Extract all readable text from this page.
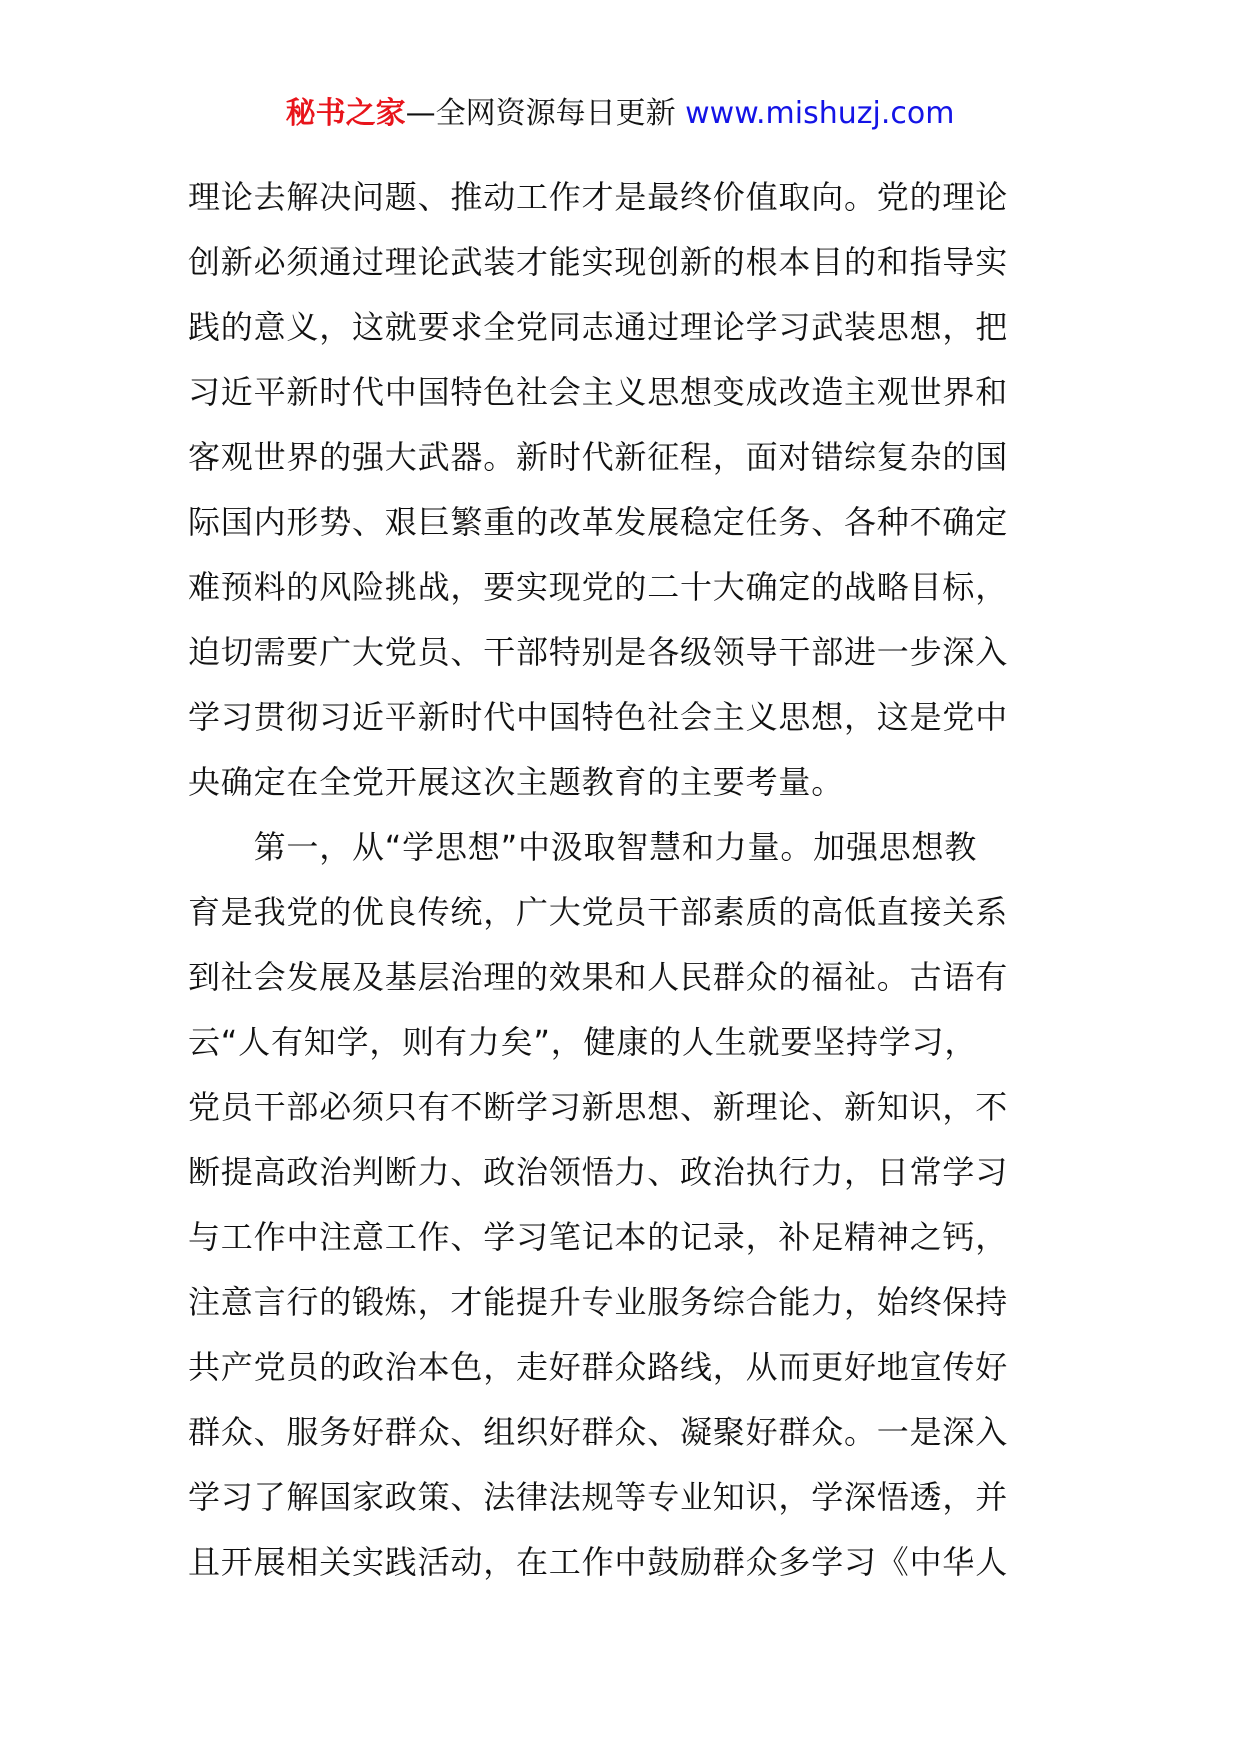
秘书之家—全网资源每日更新 www.mishuzj.com
理论去解决问题、推动工作才是最终价值取向。党的理论
创新必须通过理论武装才能实现创新的根本目的和指导实
践的意义，这就要求全党同志通过理论学习武装思想，把
习近平新时代中国特色社会主义思想变成改造主观世界和
客观世界的强大武器。新时代新征程，面对错综复杂的国
际国内形势、艰巨繁重的改革发展稳定任务、各种不确定
难预料的风险挑战，要实现党的二十大确定的战略目标，
迫切需要广大党员、干部特别是各级领导干部进一步深入
学习贯彻习近平新时代中国特色社会主义思想，这是党中
央确定在全党开展这次主题教育的主要考量。
　　第一，从“学思想”中汲取智慧和力量。加强思想教
育是我党的优良传统，广大党员干部素质的高低直接关系
到社会发展及基层治理的效果和人民群众的福祉。古语有
云“人有知学，则有力矣”，健康的人生就要坚持学习，
党员干部必须只有不断学习新思想、新理论、新知识，不
断提高政治判断力、政治领悟力、政治执行力，日常学习
与工作中注意工作、学习笔记本的记录，补足精神之钙，
注意言行的锻炼，才能提升专业服务综合能力，始终保持
共产党员的政治本色，走好群众路线，从而更好地宣传好
群众、服务好群众、组织好群众、凝聚好群众。一是深入
学习了解国家政策、法律法规等专业知识，学深悟透，并
且开展相关实践活动，在工作中鼓励群众多学习《中华人
